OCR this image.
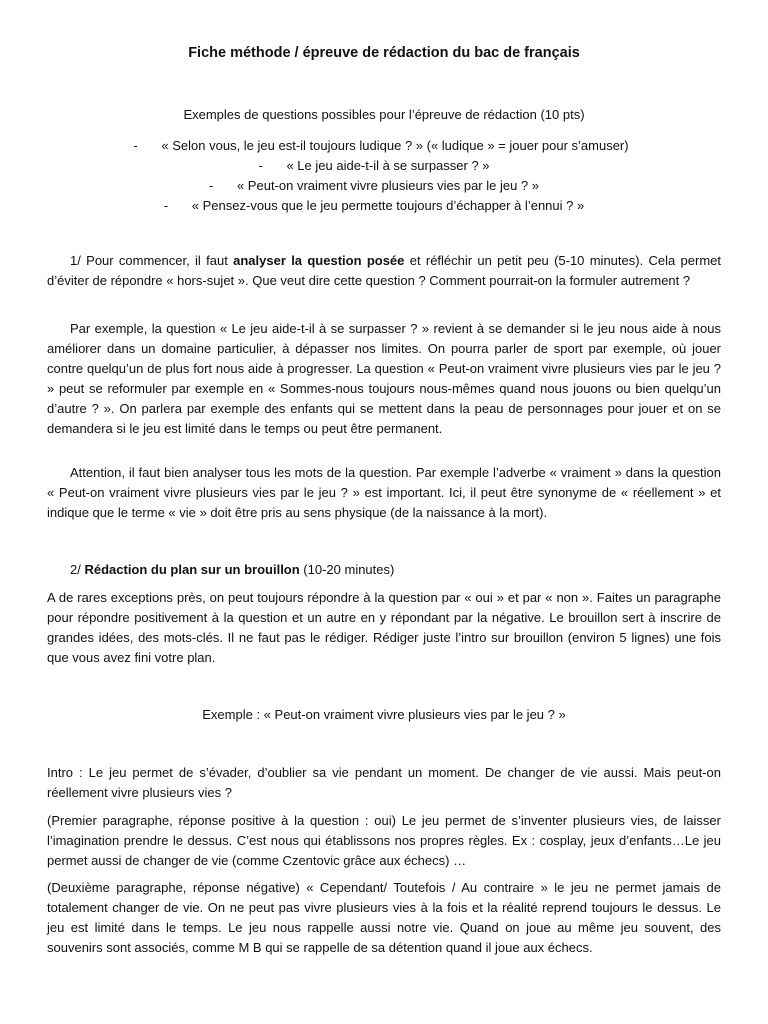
Fiche méthode / épreuve de rédaction du bac de français
Exemples de questions possibles pour l’épreuve de rédaction (10 pts)
- « Selon vous, le jeu est-il toujours ludique ? » (« ludique » = jouer pour s’amuser)
- « Le jeu aide-t-il à se surpasser ? »
- « Peut-on vraiment vivre plusieurs vies par le jeu ? »
- « Pensez-vous que le jeu permette toujours d’échapper à l’ennui ? »

1/ Pour commencer, il faut analyser la question posée et réfléchir un petit peu (5-10 minutes). Cela permet d’éviter de répondre « hors-sujet ». Que veut dire cette question ? Comment pourrait-on la formuler autrement ?

Par exemple, la question « Le jeu aide-t-il à se surpasser ? » revient à se demander si le jeu nous aide à nous améliorer dans un domaine particulier, à dépasser nos limites. On pourra parler de sport par exemple, où jouer contre quelqu’un de plus fort nous aide à progresser. La question « Peut-on vraiment vivre plusieurs vies par le jeu ? » peut se reformuler par exemple en « Sommes-nous toujours nous-mêmes quand nous jouons ou bien quelqu’un d’autre ? ». On parlera par exemple des enfants qui se mettent dans la peau de personnages pour jouer et on se demandera si le jeu est limité dans le temps ou peut être permanent.

Attention, il faut bien analyser tous les mots de la question. Par exemple l’adverbe « vraiment » dans la question « Peut-on vraiment vivre plusieurs vies par le jeu ? » est important. Ici, il peut être synonyme de « réellement » et indique que le terme « vie » doit être pris au sens physique (de la naissance à la mort).

2/ Rédaction du plan sur un brouillon (10-20 minutes)

A de rares exceptions près, on peut toujours répondre à la question par « oui » et par « non ». Faites un paragraphe pour répondre positivement à la question et un autre en y répondant par la négative. Le brouillon sert à inscrire de grandes idées, des mots-clés. Il ne faut pas le rédiger. Rédiger juste l’intro sur brouillon (environ 5 lignes) une fois que vous avez fini votre plan.

Exemple : « Peut-on vraiment vivre plusieurs vies par le jeu ? »

Intro : Le jeu permet de s’évader, d’oublier sa vie pendant un moment. De changer de vie aussi. Mais peut-on réellement vivre plusieurs vies ?

(Premier paragraphe, réponse positive à la question : oui) Le jeu permet de s’inventer plusieurs vies, de laisser l’imagination prendre le dessus. C’est nous qui établissons nos propres règles. Ex : cosplay, jeux d’enfants…Le jeu permet aussi de changer de vie (comme Czentovic grâce aux échecs) …

(Deuxième paragraphe, réponse négative) « Cependant/ Toutefois / Au contraire » le jeu ne permet jamais de totalement changer de vie. On ne peut pas vivre plusieurs vies à la fois et la réalité reprend toujours le dessus. Le jeu est limité dans le temps. Le jeu nous rappelle aussi notre vie. Quand on joue au même jeu souvent, des souvenirs sont associés, comme M B qui se rappelle de sa détention quand il joue aux échecs.
